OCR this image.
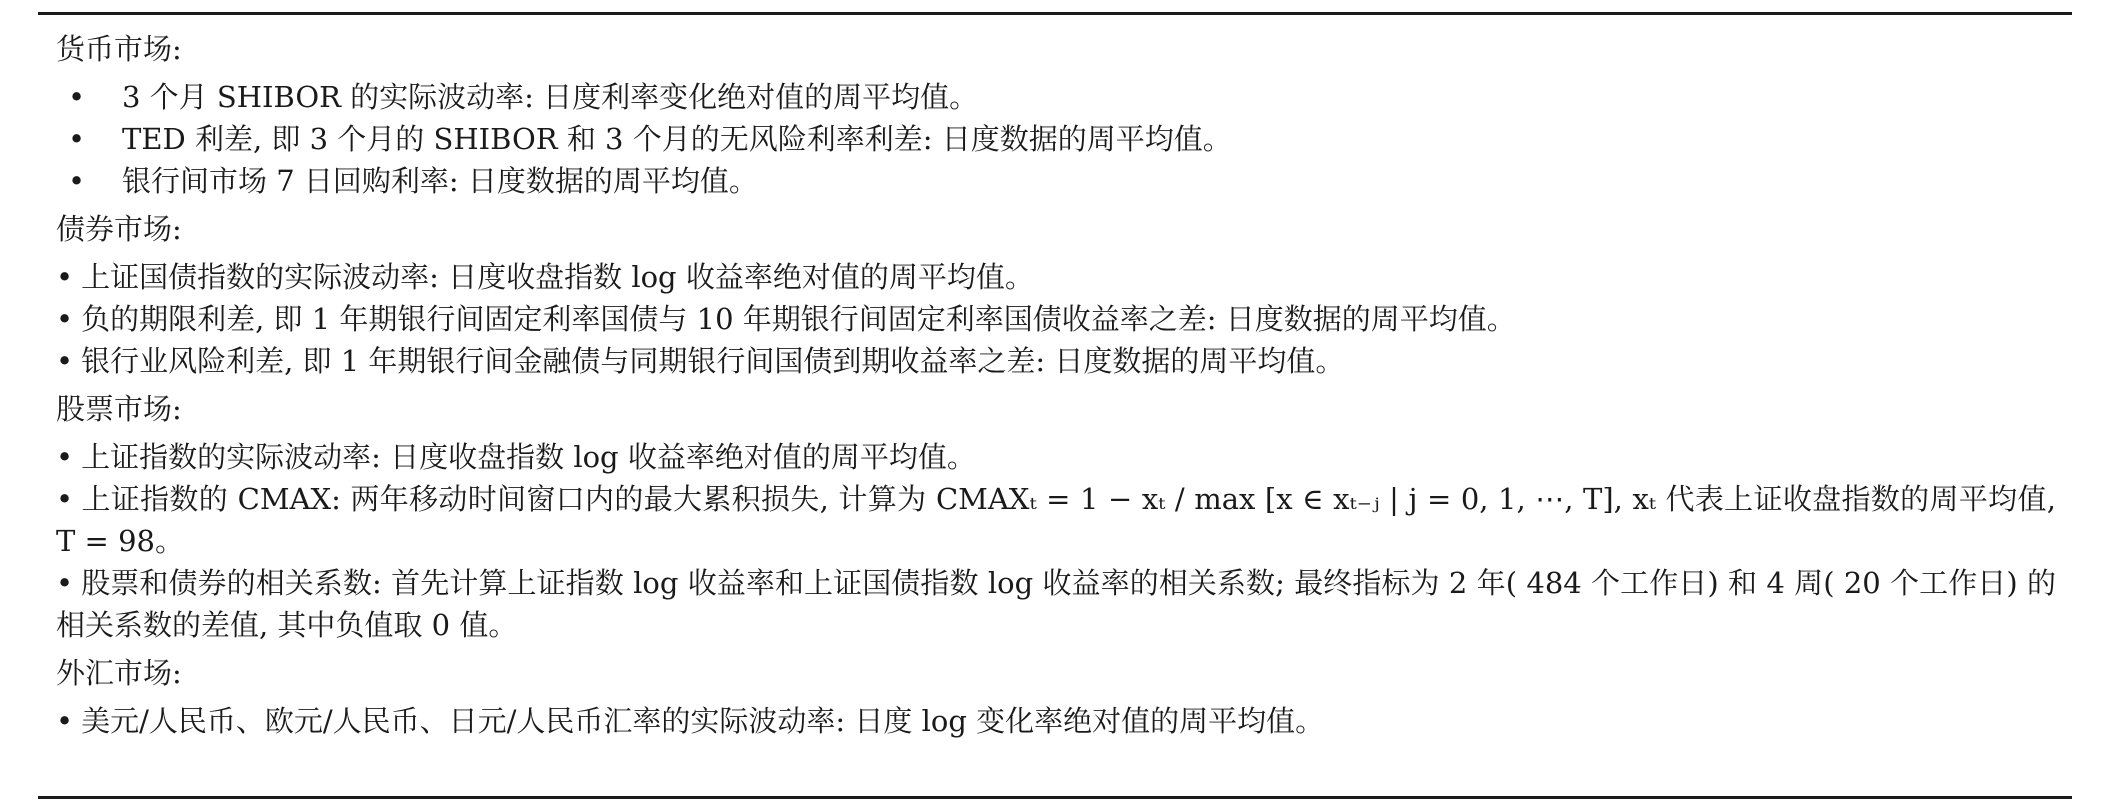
货币市场:
• 3 个月 SHIBOR 的实际波动率: 日度利率变化绝对值的周平均值。
• TED 利差, 即 3 个月的 SHIBOR 和 3 个月的无风险利率利差: 日度数据的周平均值。
• 银行间市场 7 日回购利率: 日度数据的周平均值。
债券市场:
• 上证国债指数的实际波动率: 日度收盘指数 log 收益率绝对值的周平均值。
• 负的期限利差, 即 1 年期银行间固定利率国债与 10 年期银行间固定利率国债收益率之差: 日度数据的周平均值。
• 银行业风险利差, 即 1 年期银行间金融债与同期银行间国债到期收益率之差: 日度数据的周平均值。
股票市场:
• 上证指数的实际波动率: 日度收盘指数 log 收益率绝对值的周平均值。
• 上证指数的 CMAX: 两年移动时间窗口内的最大累积损失, 计算为 CMAXₜ = 1 − xₜ / max [x ∈ xₜ₋ⱼ | j = 0, 1, ⋯, T], xₜ 代表上证收盘指数的周平均值, T = 98。
• 股票和债券的相关系数: 首先计算上证指数 log 收益率和上证国债指数 log 收益率的相关系数; 最终指标为 2 年( 484 个工作日) 和 4 周( 20 个工作日) 的相关系数的差值, 其中负值取 0 值。
外汇市场:
• 美元/人民币、欧元/人民币、日元/人民币汇率的实际波动率: 日度 log 变化率绝对值的周平均值。
